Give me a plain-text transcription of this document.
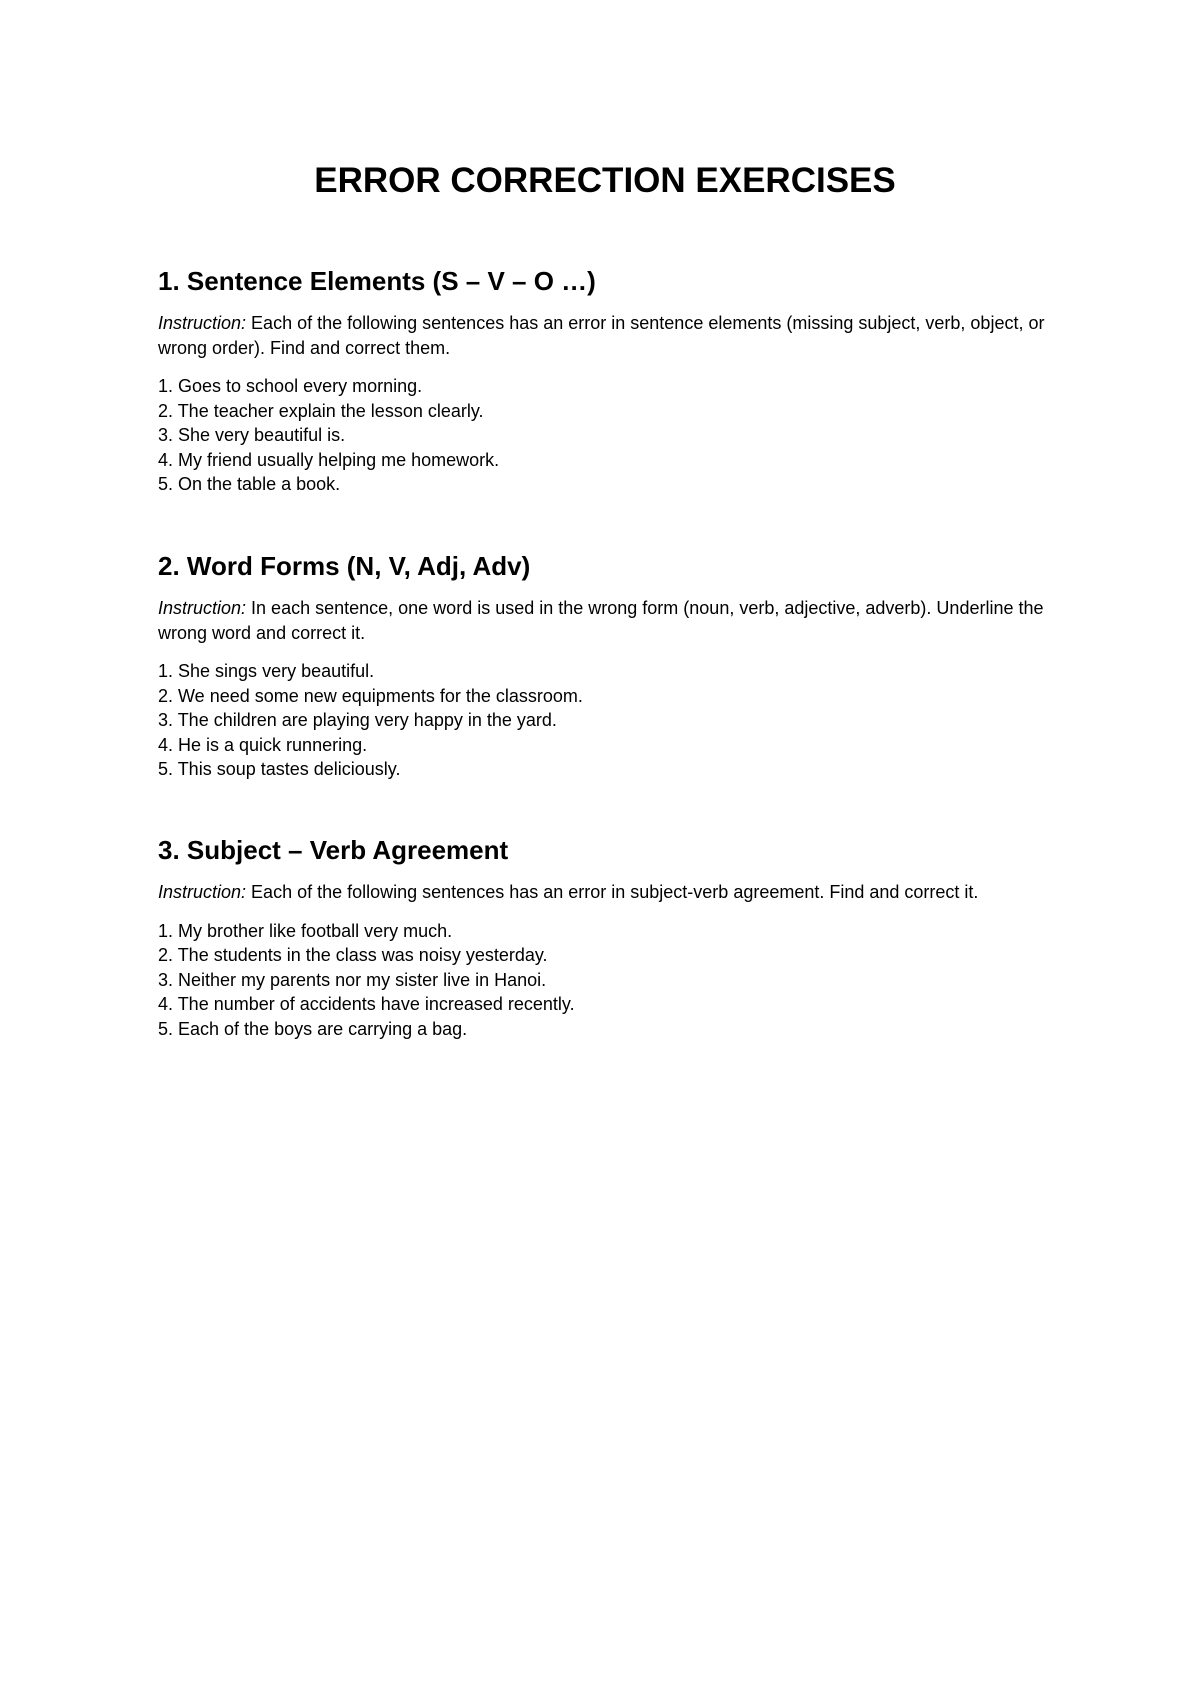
ERROR CORRECTION EXERCISES
1. Sentence Elements (S – V – O …)

Instruction: Each of the following sentences has an error in sentence elements (missing subject, verb, object, or wrong order). Find and correct them.

1. Goes to school every morning.
2. The teacher explain the lesson clearly.
3. She very beautiful is.
4. My friend usually helping me homework.
5. On the table a book.
2. Word Forms (N, V, Adj, Adv)

Instruction: In each sentence, one word is used in the wrong form (noun, verb, adjective, adverb). Underline the wrong word and correct it.

1. She sings very beautiful.
2. We need some new equipments for the classroom.
3. The children are playing very happy in the yard.
4. He is a quick runnering.
5. This soup tastes deliciously.
3. Subject – Verb Agreement

Instruction: Each of the following sentences has an error in subject-verb agreement. Find and correct it.

1. My brother like football very much.
2. The students in the class was noisy yesterday.
3. Neither my parents nor my sister live in Hanoi.
4. The number of accidents have increased recently.
5. Each of the boys are carrying a bag.
